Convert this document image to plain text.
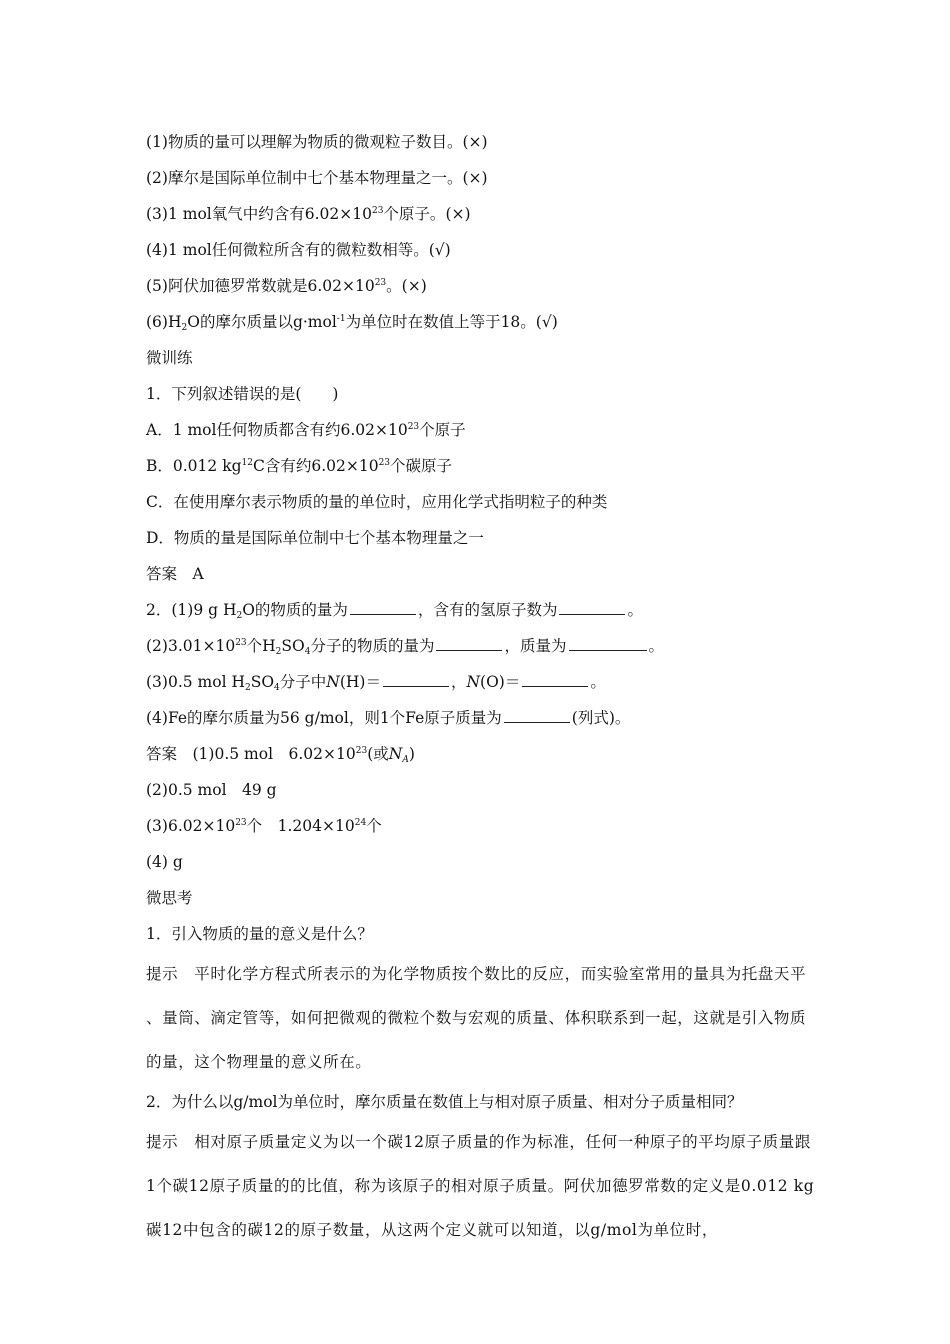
(1)物质的量可以理解为物质的微观粒子数目。(×)
(2)摩尔是国际单位制中七个基本物理量之一。(×)
(3)1 mol氧气中约含有$6.02\times 10^{23}$个原子。(×)
(4)1 mol任何微粒所含有的微粒数相等。(√)
(5)阿伏加德罗常数就是$6.02\times 10^{23}$。(×)
$(6)H_2O$的摩尔质量以g·mol$^{-1}$为单位时在数值上等于18。(√)
微训练
1．下列叙述错误的是(　　)
A．1 mol任何物质都含有约$6.02\times 10^{23}$个原子
B．0.012 $kg^{12}C$含有约$6.02\times 10^{23}$个碳原子
C．在使用摩尔表示物质的量的单位时，应用化学式指明粒子的种类
D．物质的量是国际单位制中七个基本物理量之一
答案　A
2．(1)9 g $H_2O$的物质的量为	，含有的氢原子数为	。
$(2)3.01\times 10^{23}$个$H_2SO_4$分子的物质的量为	，质量为	。
(3)0.5 mol $H_2SO_4$分子中N(H)＝	，N(O)＝	。
(4)Fe的摩尔质量为56 g/mol，则1个Fe原子质量为	(列式)。
答案　(1)0.5 mol　$6.02\times 10^{23}$(或$N_A$)
(2)0.5 mol　49 g
$(3)6.02\times 10^{23}$个　$1.204\times 10^{24}$个
(4) g
微思考
1．引入物质的量的意义是什么？
提示　平时化学方程式所表示的为化学物质按个数比的反应，而实验室常用的量具为托盘天平 、量筒、滴定管等，如何把微观的微粒个数与宏观的质量、体积联系到一起，这就是引入物质的量，这个物理量的意义所在。
2．为什么以g/mol为单位时，摩尔质量在数值上与相对原子质量、相对分子质量相同？
提示　相对原子质量定义为以一个碳12原子质量的作为标准，任何一种原子的平均原子质量跟1个碳12原子质量的的比值，称为该原子的相对原子质量。阿伏加德罗常数的定义是0.012 kg碳12中包含的碳12的原子数量，从这两个定义就可以知道，以g/mol为单位时，
